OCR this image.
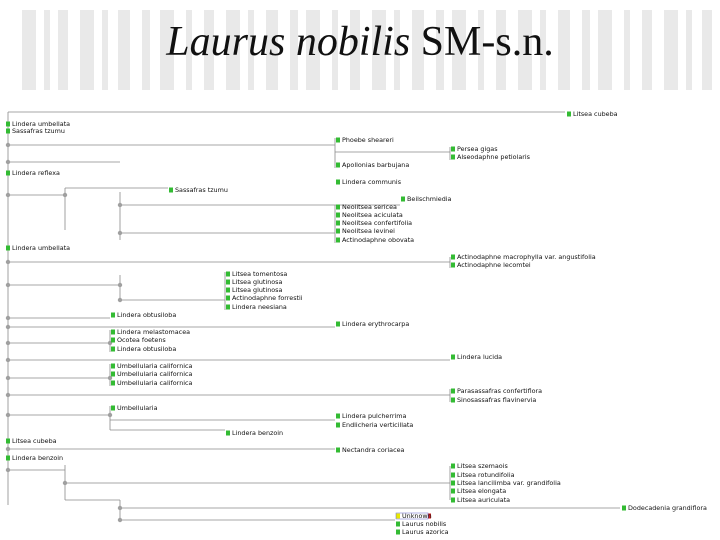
Laurus nobilis SM-s.n.
Litsea cubeba
Lindera umbellata
Sassafras tzumu
Phoebe sheareri
Persea gigas
Alseodaphne petiolaris
Apollonias barbujana
Lindera reflexa
Lindera communis
Sassafras tzumu
Beilschmiedia
Neolitsea sericea
Neolitsea aciculata
Neolitsea confertifolia
Neolitsea levinei
Actinodaphne obovata
Lindera umbellata
Actinodaphne macrophylla var. angustifolia
Actinodaphne lecomtei
Litsea tomentosa
Litsea glutinosa
Litsea glutinosa
Actinodaphne forrestii
Lindera neesiana
Lindera obtusiloba
Lindera erythrocarpa
Lindera melastomacea
Ocotea foetens
Lindera obtusiloba
Lindera lucida
Umbellularia californica
Umbellularia californica
Umbellularia californica
Parasassafras confertiflora
Sinosassafras flavinervia
Umbellularia
Lindera pulcherrima
Endlicheria verticillata
Lindera benzoin
Litsea cubeba
Lindera benzoin
Nectandra coriacea
Litsea szemaois
Litsea rotundifolia
Litsea lancilimba var. grandifolia
Litsea elongata
Litsea auriculata
Dodecadenia grandiflora
Unknown
Laurus nobilis
Laurus azorica
